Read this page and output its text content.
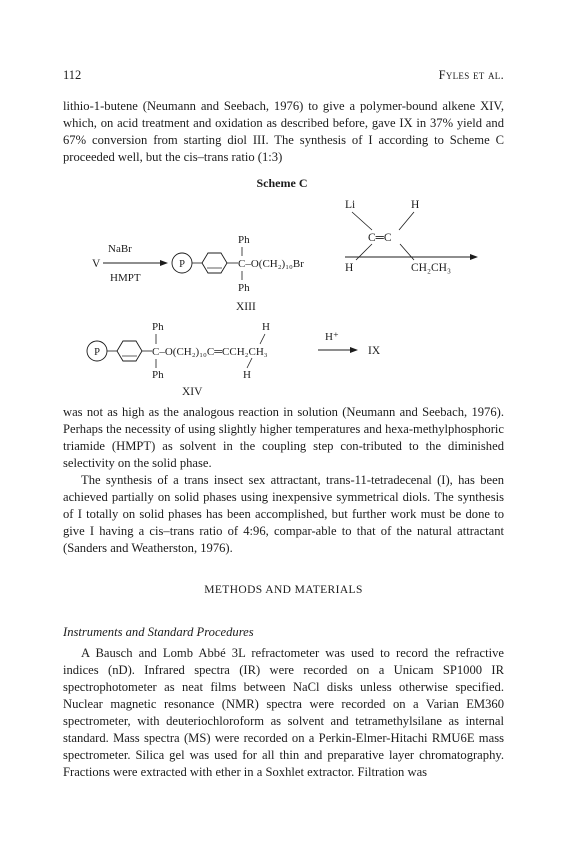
112	Fyles et al.

lithio-1-butene (Neumann and Seebach, 1976) to give a polymer-bound alkene XIV, which, on acid treatment and oxidation as described before, gave IX in 37% yield and 67% conversion from starting diol III. The synthesis of I according to Scheme C proceeded well, but the cis–trans ratio (1:3)

Scheme C
Li	H
C═C
H	CH₂CH₃
V
NaBr
HMPT
P
Ph
C–O(CH₂)₁₀Br
Ph
XIII
P
Ph
C–O(CH₂)₁₀C═CCH₂CH₃
Ph
H
H
H⁺
IX
XIV

was not as high as the analogous reaction in solution (Neumann and Seebach, 1976). Perhaps the necessity of using slightly higher temperatures and hexa-methylphosphoric triamide (HMPT) as solvent in the coupling step con-tributed to the diminished selectivity on the solid phase.

The synthesis of a trans insect sex attractant, trans-11-tetradecenal (I), has been achieved partially on solid phases using inexpensive symmetrical diols. The synthesis of I totally on solid phases has been accomplished, but further work must be done to give I having a cis–trans ratio of 4:96, compar-able to that of the natural attractant (Sanders and Weatherston, 1976).

METHODS AND MATERIALS
Instruments and Standard Procedures

A Bausch and Lomb Abbé 3L refractometer was used to record the refractive indices (nD). Infrared spectra (IR) were recorded on a Unicam SP1000 IR spectrophotometer as neat films between NaCl disks unless otherwise specified. Nuclear magnetic resonance (NMR) spectra were recorded on a Varian EM360 spectrometer, with deuteriochloroform as solvent and tetramethylsilane as internal standard. Mass spectra (MS) were recorded on a Perkin-Elmer-Hitachi RMU6E mass spectrometer. Silica gel was used for all thin and preparative layer chromatography. Fractions were extracted with ether in a Soxhlet extractor. Filtration was
